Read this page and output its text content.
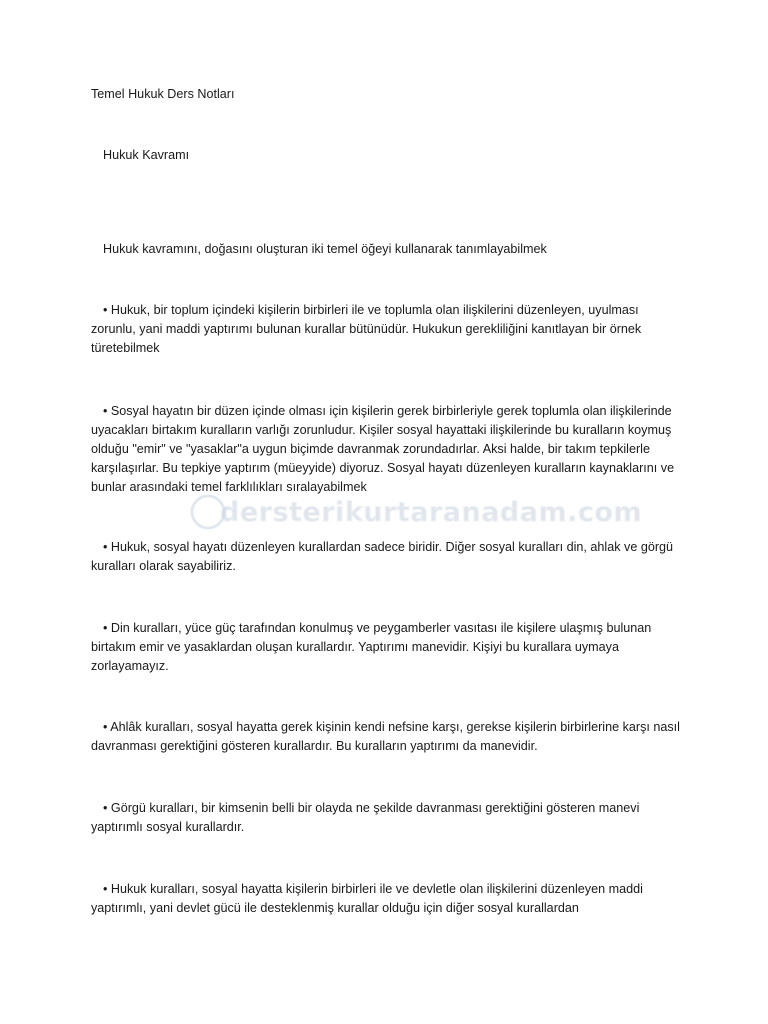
Temel Hukuk Ders Notları
Hukuk Kavramı
Hukuk kavramını, doğasını oluşturan iki temel öğeyi kullanarak tanımlayabilmek
• Hukuk, bir toplum içindeki kişilerin birbirleri ile ve toplumla olan ilişkilerini düzenleyen, uyulması zorunlu, yani maddi yaptırımı bulunan kurallar bütünüdür. Hukukun gerekliliğini kanıtlayan bir örnek türetebilmek
• Sosyal hayatın bir düzen içinde olması için kişilerin gerek birbirleriyle gerek toplumla olan ilişkilerinde uyacakları birtakım kuralların varlığı zorunludur. Kişiler sosyal hayattaki ilişkilerinde bu kuralların koymuş olduğu "emir" ve "yasaklar"a uygun biçimde davranmak zorundadırlar. Aksi halde, bir takım tepkilerle karşılaşırlar. Bu tepkiye yaptırım (müeyyide) diyoruz. Sosyal hayatı düzenleyen kuralların kaynaklarını ve bunlar arasındaki temel farklılıkları sıralayabilmek
• Hukuk, sosyal hayatı düzenleyen kurallardan sadece biridir. Diğer sosyal kuralları din, ahlak ve görgü kuralları olarak sayabiliriz.
• Din kuralları, yüce güç tarafından konulmuş ve peygamberler vasıtası ile kişilere ulaşmış bulunan birtakım emir ve yasaklardan oluşan kurallardır. Yaptırımı manevidir. Kişiyi bu kurallara uymaya zorlayamayız.
• Ahlâk kuralları, sosyal hayatta gerek kişinin kendi nefsine karşı, gerekse kişilerin birbirlerine karşı nasıl davranması gerektiğini gösteren kurallardır. Bu kuralların yaptırımı da manevidir.
• Görgü kuralları, bir kimsenin belli bir olayda ne şekilde davranması gerektiğini gösteren manevi yaptırımlı sosyal kurallardır.
• Hukuk kuralları, sosyal hayatta kişilerin birbirleri ile ve devletle olan ilişkilerini düzenleyen maddi yaptırımlı, yani devlet gücü ile desteklenmiş kurallar olduğu için diğer sosyal kurallardan
dersterikurtaranadam.com
